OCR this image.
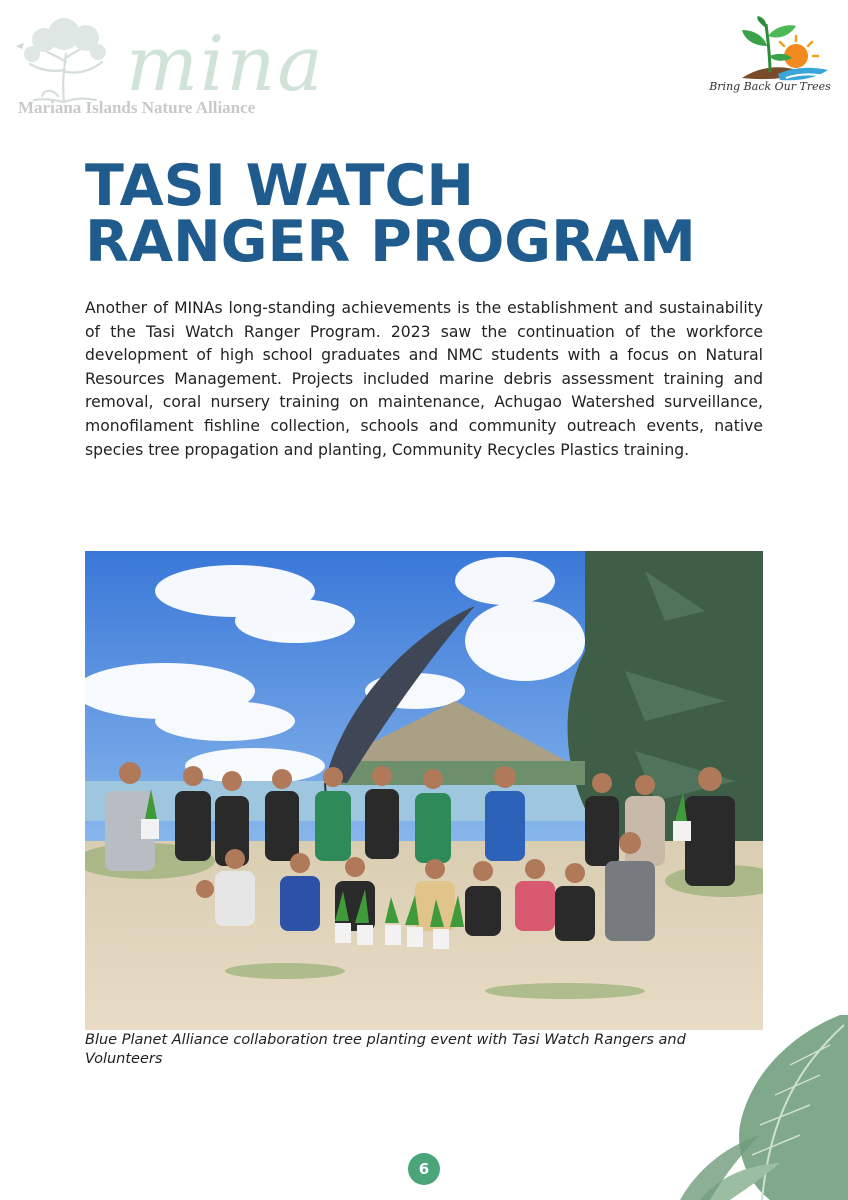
mina
Mariana Islands Nature Alliance
Bring Back Our Trees
TASI WATCH
RANGER PROGRAM

Another of MINAs long-standing achievements is the establishment and sustainability of the Tasi Watch Ranger Program. 2023 saw the continuation of the workforce development of high school graduates and NMC students with a focus on Natural Resources Management. Projects included marine debris assessment training and removal, coral nursery training on maintenance, Achugao Watershed surveillance, monofilament fishline collection, schools and community outreach events, native species tree propagation and planting, Community Recycles Plastics training.

Blue Planet Alliance collaboration tree planting event with Tasi Watch Rangers and Volunteers

6
